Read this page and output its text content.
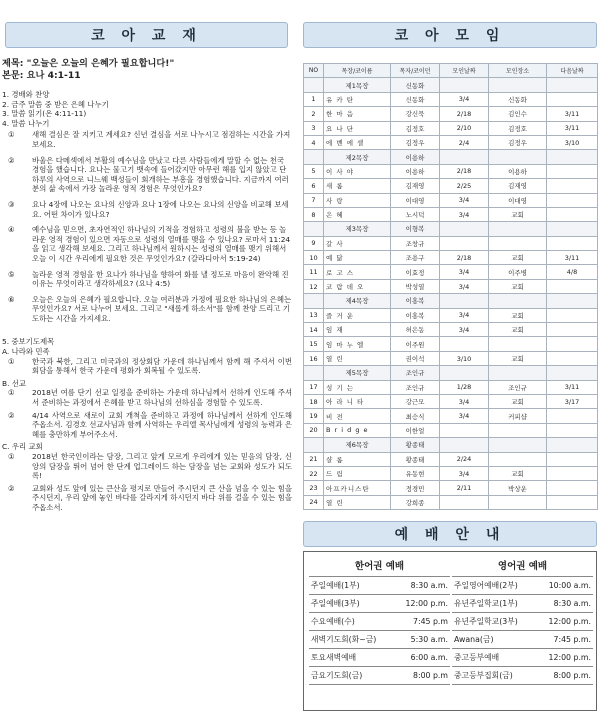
코 아 교 재	코 아 모 임
제목: "오늘은 오늘의 은혜가 필요합니다!"
본문: 요나 4:1-11
1. 경배와 찬양
2. 금주 말씀 중 받은 은혜 나누기
3. 말씀 읽기(온 4:11-11)
4. 말씀 나누기
①	새해 결심은 잘 지키고 계세요? 신년 결심을 서로 나누시고 점검하는 시간을 가져 보세요.
②	바울은 다메섹에서 부활의 예수님을 만났고 다른 사람들에게 말할 수 없는 천국 경험을 했습니다. 요나는 물고기 뱃속에 들어갔지만 아무런 해를 입지 않았고 단 하루의 사역으로 니느웨 백성들이 회개하는 부흥을 경험했습니다. 지금까지 여러분의 삶 속에서 가장 놀라운 영적 경험은 무엇인가요?
③	요나 4장에 나오는 요나의 신앙과 요나 1장에 나오는 요나의 신앙을 비교해 보세요. 어떤 차이가 있나요?
④	예수님을 믿으면, 초자연적인 하나님의 기적을 경험하고 성령의 불을 받는 등 놀라운 영적 경험이 있으면 자동으로 성령의 열매를 맺을 수 있나요? 로마서 11:24 을 읽고 생각해 보세요. 그리고 하나님께서 원하시는 성령의 열매를 맺기 위해서 오늘 이 시간 우리에게 필요한 것은 무엇인가요? (갈라디아서 5:19-24)
⑤	놀라운 영적 경험을 한 요나가 하나님을 향하여 화를 낼 정도로 마음이 완악해 진 이유는 무엇이라고 생각하세요? (요나 4:5)
⑥	오늘은 오늘의 은혜가 필요합니다. 오늘 여러분과 가정에 필요한 하나님의 은혜는 무엇인가요? 서로 나누어 보세요. 그리고 "새롭게 하소서"를 함께 찬양 드리고 기도하는 시간을 가지세요.
5. 중보기도제목
A. 나라와 민족
①	한국과 북한, 그리고 미국과의 정상회담 가운데 하나님께서 함께 해 주셔서 이번 회담을 통해서 한국 가운데 평화가 회복될 수 있도록.
B. 선교
①	2018년 여름 단기 선교 일정을 준비하는 가운데 하나님께서 선하게 인도해 주셔서 준비하는 과정에서 은혜를 받고 하나님의 선하심을 경험할 수 있도록.
②	4/14 사역으로 새로이 교회 개척을 준비하고 과정에 하나님께서 선하게 인도해 주옵소서. 김경호 선교사님과 함께 사역하는 우리엘 목사님에게 성령의 능력과 은혜를 충만하게 부어주소서.
C. 우리 교회
①	2018년 한국인이라는 담장, 그리고 앞게 모르게 우리에게 있는 믿음의 담장, 신앙의 담장을 뛰어 넘어 한 단계 업그레이드 하는 담장을 넘는 교회와 성도가 되도록!
②	교회와 성도 앞에 있는 큰산을 평지로 만들어 주시던지 큰 산을 넘을 수 있는 힘을 주시던지, 우리 앞에 놓인 바다를 갈라지게 하시던지 바다 위를 걸을 수 있는 힘을 주옵소서.
NO	목장/코이름	목자/코이던	모인날짜	모인장소	다음날짜
	제1목장	신동화			
1	유 카 탄	신동화	3/4	신동화	
2	한 마 음	강신묵	2/18	김인수	3/11
3	요 나 단	김정호	2/10	김정호	3/11
4	에 벤 에 셀	김정우	2/4	김정우	3/10
	제2목장	이용하			
5	이 사 야	이용하	2/18	이용하	
6	새 롬	김재영	2/25	김재영	
7	사 랑	이대영	3/4	이대영	
8	은 혜	노시덕	3/4	교회	
	제3목장	이형복			
9	갈 사	조창규			
10	예 닮	조용구	2/18	교회	3/11
11	로 고 스	이효정	3/4	이주병	4/8
12	코 람 데 오	박성열	3/4	교회	
	제4목장	이홍복			
13	즐 거 운	이홍복	3/4	교회	
14	임 재	허은동	3/4	교회	
15	임 마 누 엘	이주원			
16	열 린	권이석	3/10	교회	
	제5목장	조인규			
17	성 기 는	조인규	1/28	조인규	3/11
18	아 라 니 타	강근모	3/4	교회	3/17
19	비 전	최승식	3/4	커피샵	
20	B r i d g e	이한얼			
	제6목장	황종태			
21	샬 롬	황종태	2/24		
22	드 림	유동현	3/4	교회	
23	아프카니스탄	정경민	2/11	박상운	
24	열 린	강희종			
예 배 안 내
한어권 예배
주일예배(1부)	8:30 a.m.
주일예배(3부)	12:00 p.m.
수요예배(수)	7:45 p.m
새벽기도회(화~금)	5:30 a.m.
토요새벽예배	6:00 a.m.
금요기도회(금)	8:00 p.m
영어권 예배
주일영어예배(2부)	10:00 a.m.
유년주일학교(1부)	8:30 a.m.
유년주일학교(3부)	12:00 p.m.
Awana(금)	7:45 p.m.
중고등부예배	12:00 p.m.
중고등부집회(금)	8:00 p.m.
